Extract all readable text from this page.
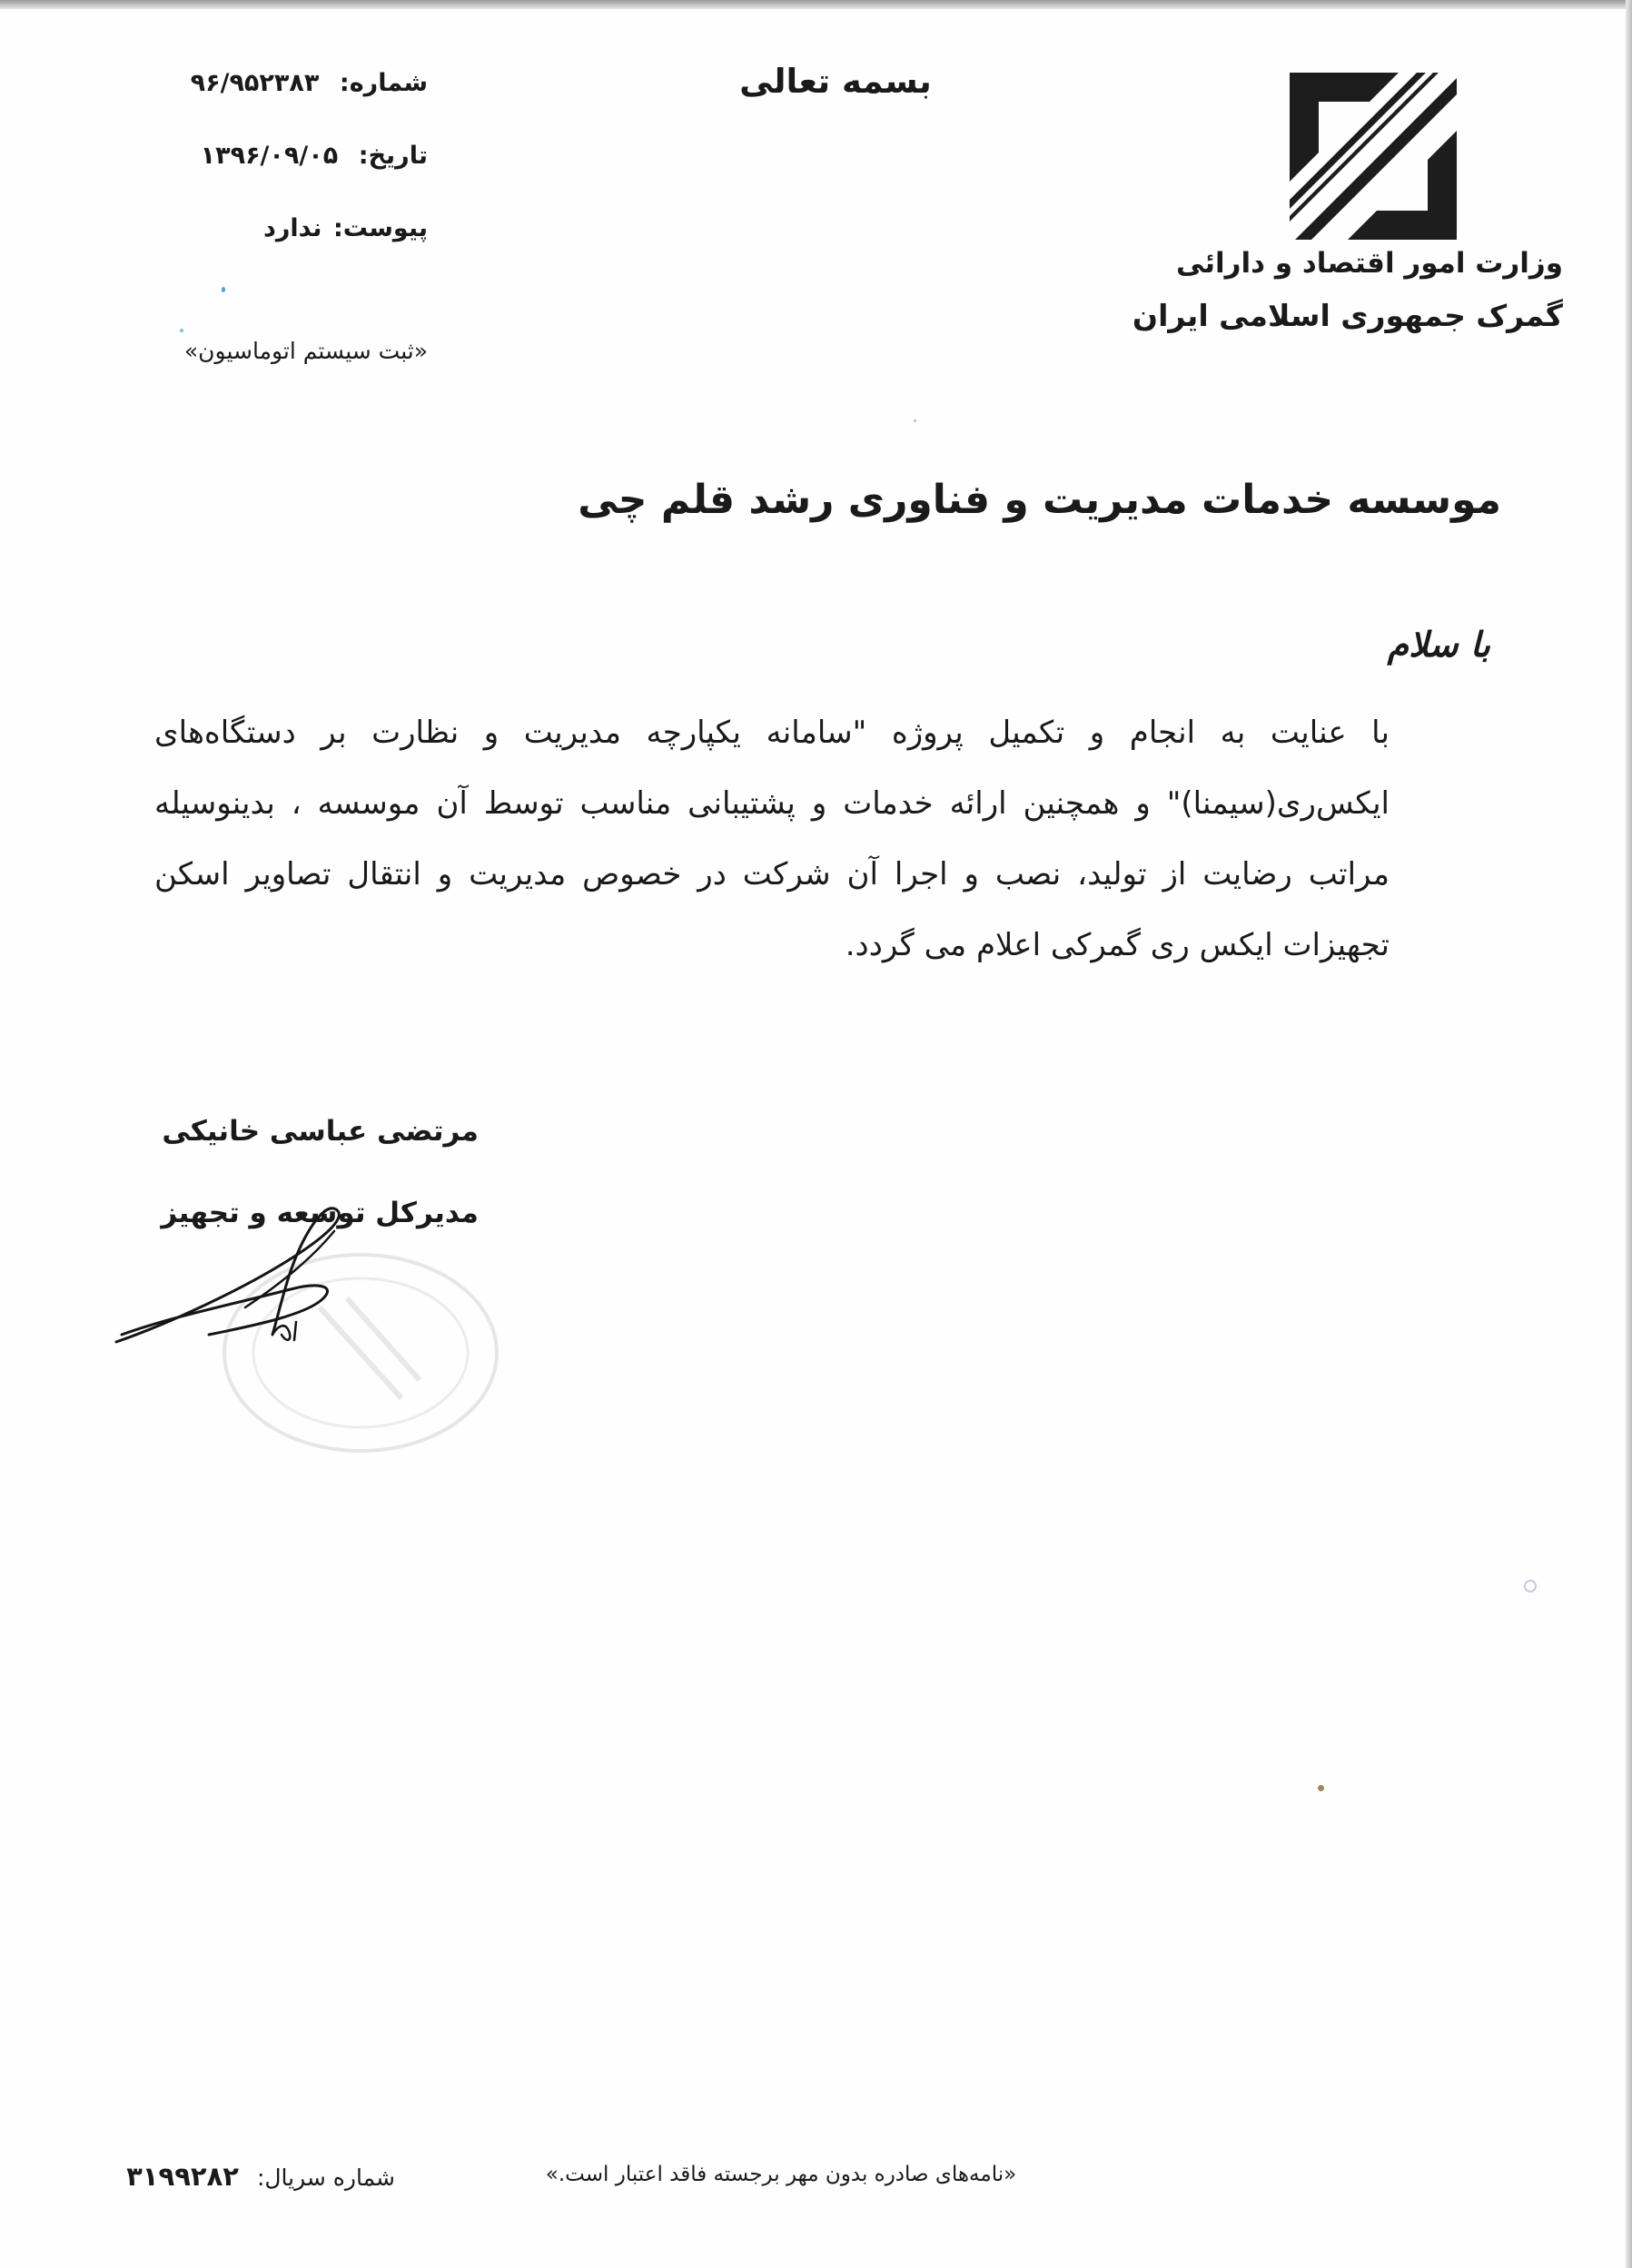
وزارت امور اقتصاد و دارائی
گمرک جمهوری اسلامی ایران
بسمه تعالی
شماره: ۹۶/۹۵۲۳۸۳
تاریخ: ۱۳۹۶/۰۹/۰۵
پیوست: ندارد
«ثبت سیستم اتوماسیون»
موسسه خدمات مدیریت و فناوری رشد قلم چی
با سلام
با عنایت به انجام و تکمیل پروژه "سامانه یکپارچه مدیریت و نظارت بر دستگاه‌های ایکس‌ری(سیمنا)" و همچنین ارائه خدمات و پشتیبانی مناسب توسط آن موسسه ، بدینوسیله مراتب رضایت از تولید، نصب و اجرا آن شرکت در خصوص مدیریت و انتقال تصاویر اسکن تجهیزات ایکس ری گمرکی اعلام می گردد.
مرتضی عباسی خانیکی
مدیرکل توسعه و تجهیز
«نامه‌های صادره بدون مهر برجسته فاقد اعتبار است.»
شماره سریال: ۳۱۹۹۲۸۲
